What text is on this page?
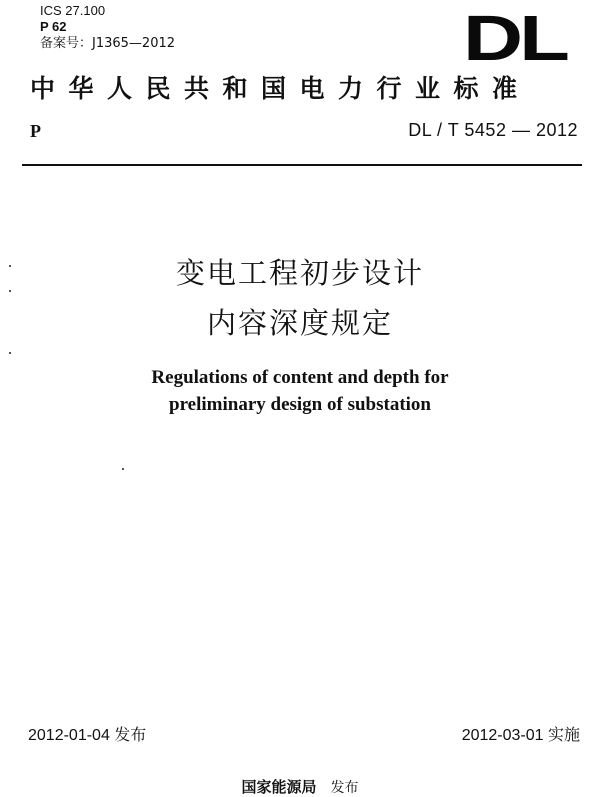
ICS 27.100
P 62
备案号：J1365—2012	DL
中华人民共和国电力行业标准
P	DL / T 5452 — 2012
变电工程初步设计
内容深度规定
Regulations of content and depth for
preliminary design of substation
2012-01-04 发布	2012-03-01 实施
国家能源局 发布
